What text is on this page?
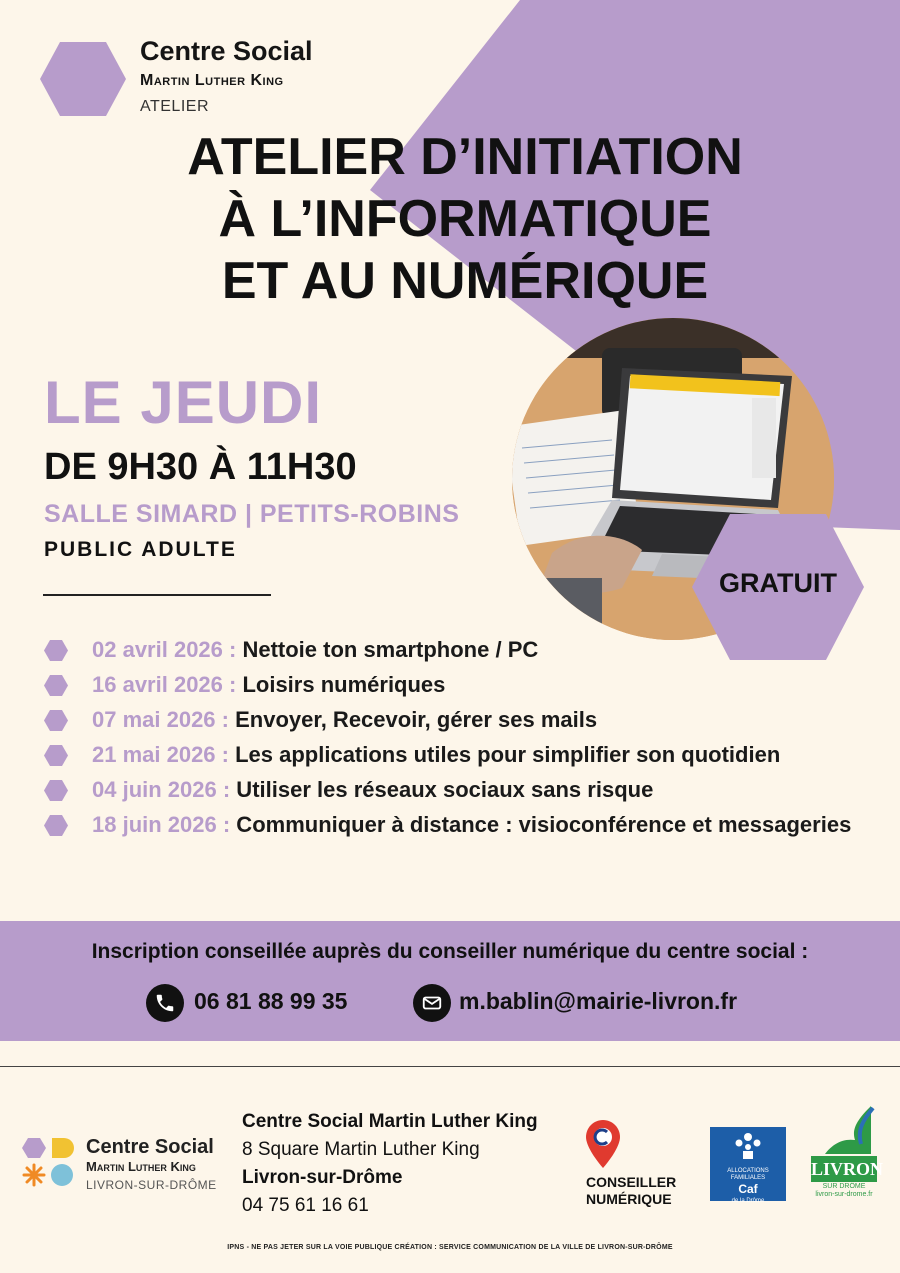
Centre Social
Martin Luther King
ATELIER
ATELIER D’INITIATION
À L’INFORMATIQUE
ET AU NUMÉRIQUE
LE JEUDI
DE 9H30 À 11H30
SALLE SIMARD | PETITS-ROBINS
PUBLIC ADULTE
GRATUIT
02 avril 2026 : Nettoie ton smartphone / PC
16 avril 2026 : Loisirs numériques
07 mai 2026 : Envoyer, Recevoir, gérer ses mails
21 mai 2026 : Les applications utiles pour simplifier son quotidien
04 juin 2026 : Utiliser les réseaux sociaux sans risque
18 juin 2026 : Communiquer à distance : visioconférence et messageries
Inscription conseillée auprès du conseiller numérique du centre social :
06 81 88 99 35	m.bablin@mairie-livron.fr
Centre Social
Martin Luther King
LIVRON-SUR-DRÔME
Centre Social Martin Luther King
8 Square Martin Luther King
Livron-sur-Drôme
04 75 61 16 61
CONSEILLER
NUMÉRIQUE
ALLOCATIONS FAMILIALES
Caf
de la Drôme
LIVRON
SUR DRÔME
livron-sur-drome.fr
IPNS - NE PAS JETER SUR LA VOIE PUBLIQUE CRÉATION : SERVICE COMMUNICATION DE LA VILLE DE LIVRON-SUR-DRÔME
